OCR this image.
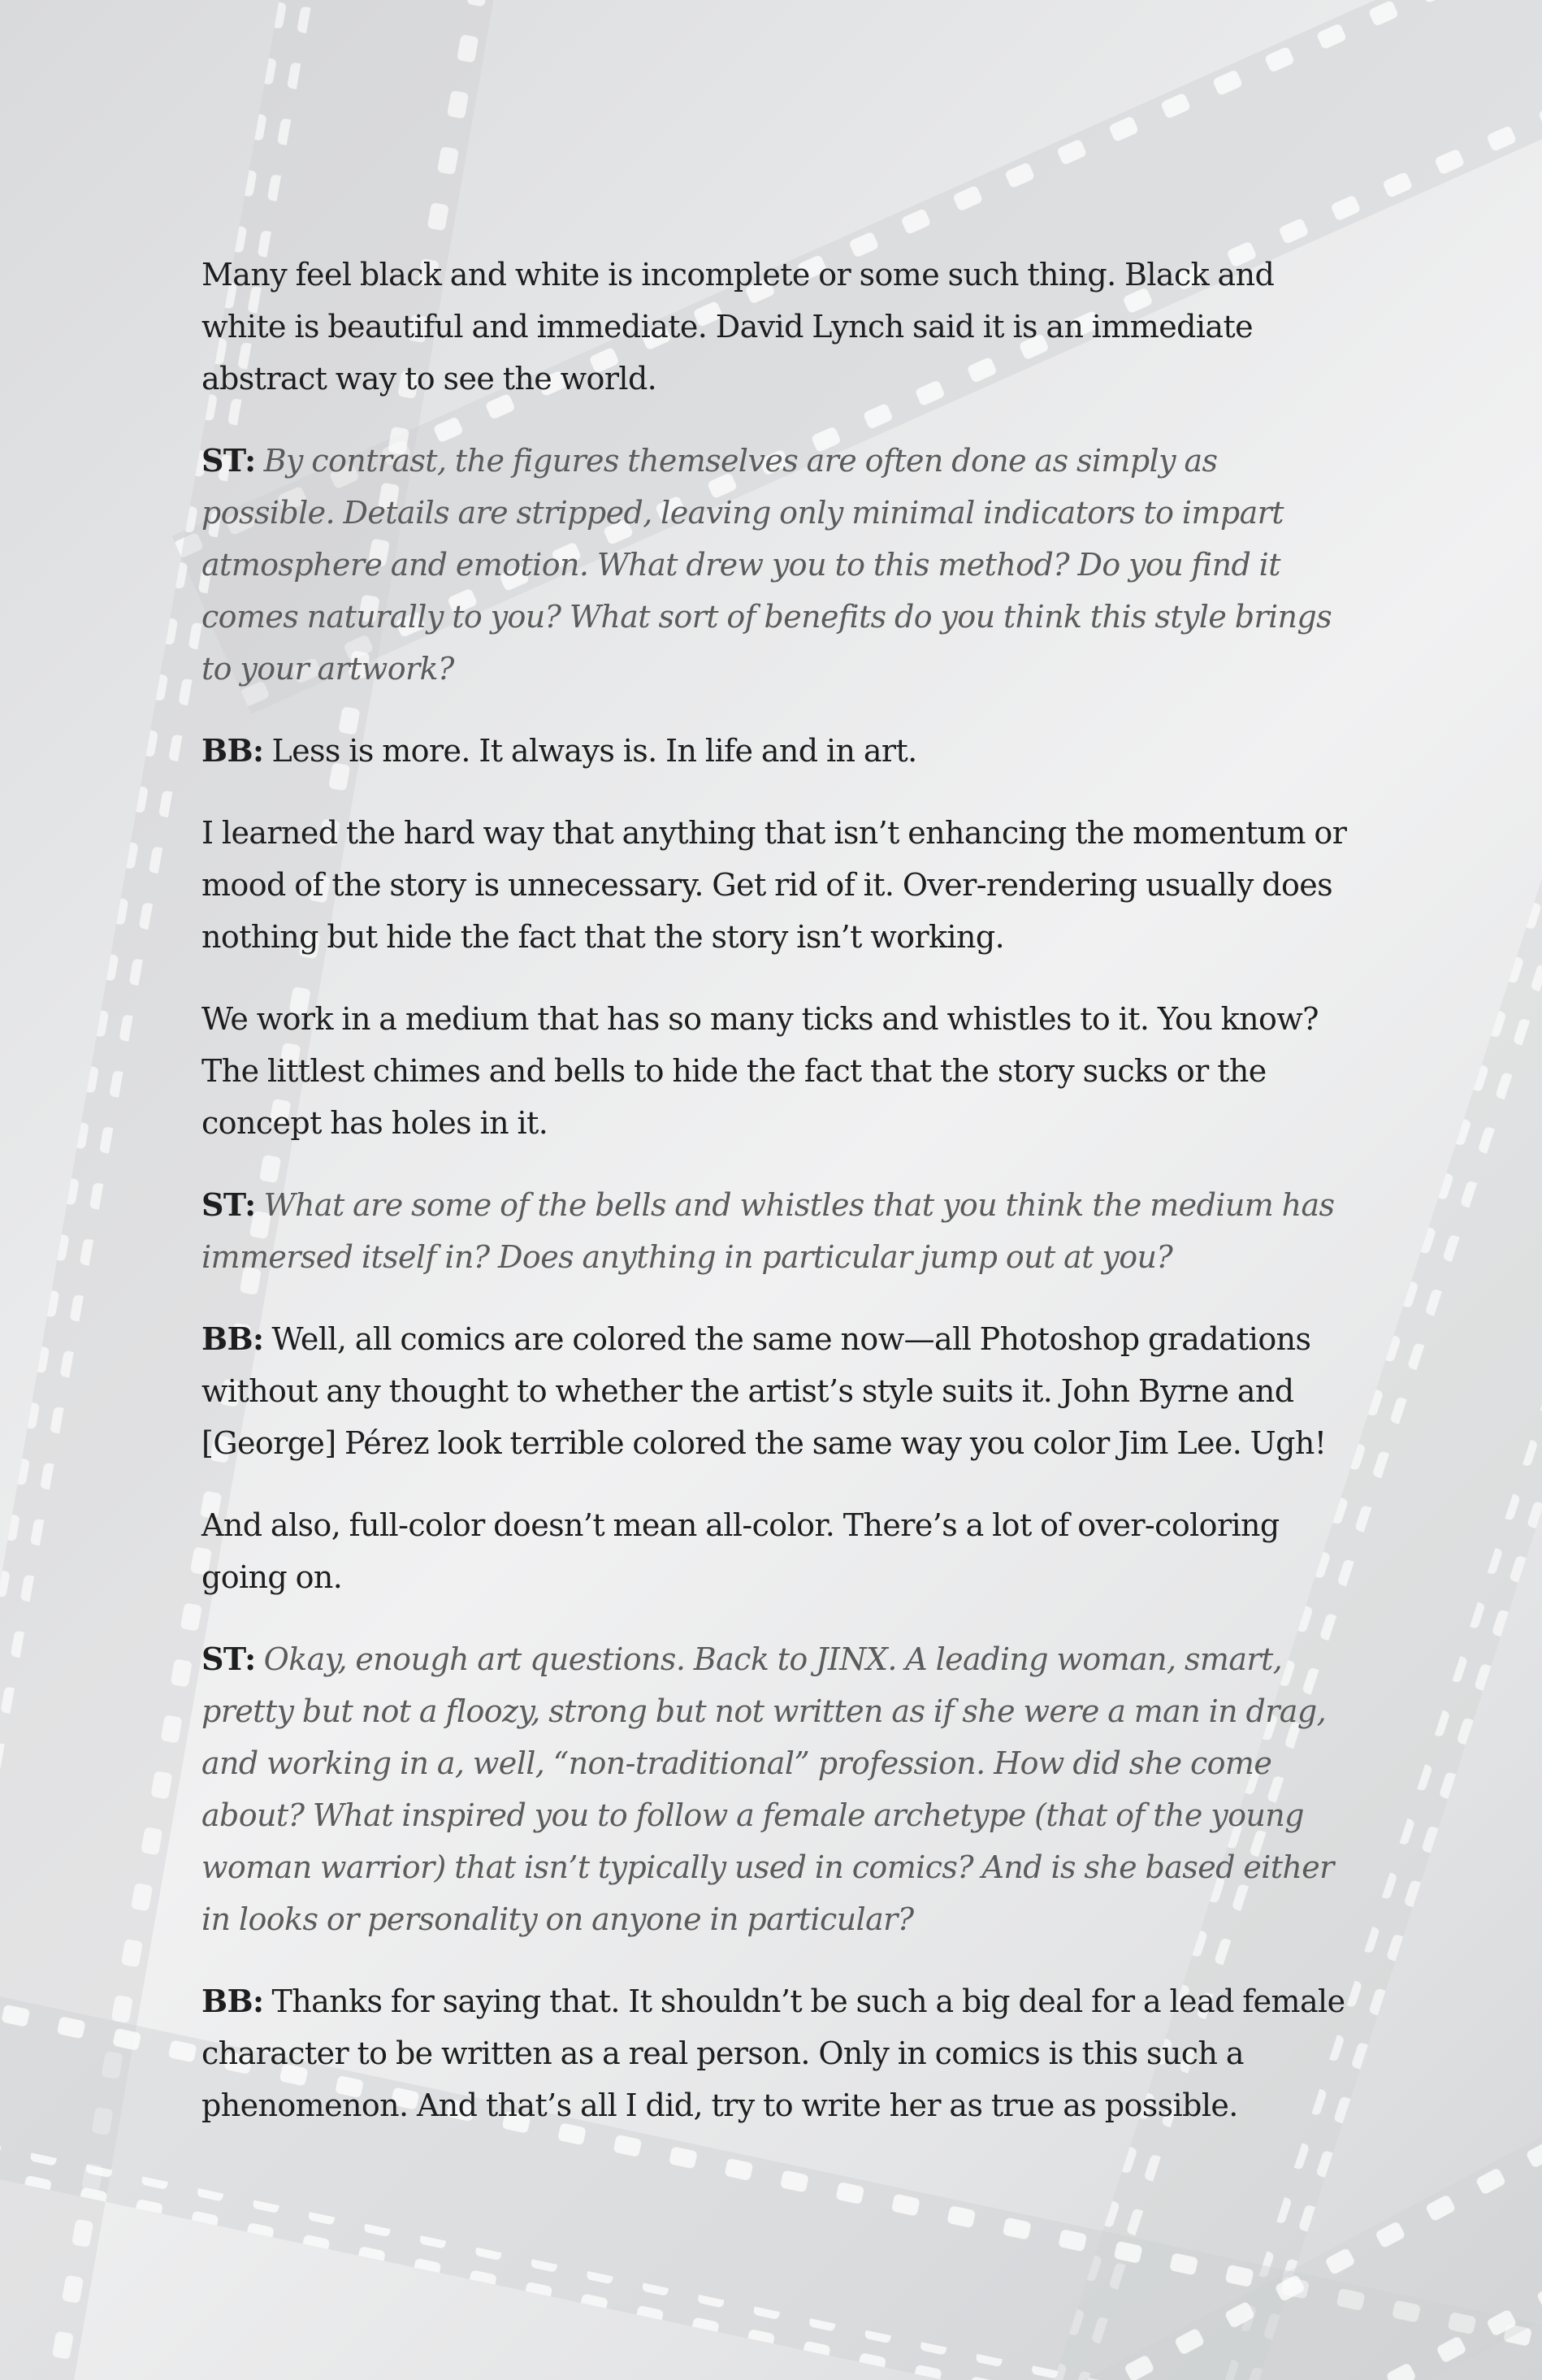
Many feel black and white is incomplete or some such thing. Black and white is beautiful and immediate. David Lynch said it is an immediate abstract way to see the world.

ST: By contrast, the figures themselves are often done as simply as possible. Details are stripped, leaving only minimal indicators to impart atmosphere and emotion. What drew you to this method? Do you find it comes naturally to you? What sort of benefits do you think this style brings to your artwork?

BB: Less is more. It always is. In life and in art.

I learned the hard way that anything that isn’t enhancing the momentum or mood of the story is unnecessary. Get rid of it. Over-rendering usually does nothing but hide the fact that the story isn’t working.

We work in a medium that has so many ticks and whistles to it. You know? The littlest chimes and bells to hide the fact that the story sucks or the concept has holes in it.

ST: What are some of the bells and whistles that you think the medium has immersed itself in? Does anything in particular jump out at you?

BB: Well, all comics are colored the same now—all Photoshop gradations without any thought to whether the artist’s style suits it. John Byrne and [George] Pérez look terrible colored the same way you color Jim Lee. Ugh!

And also, full-color doesn’t mean all-color. There’s a lot of over-coloring going on.

ST: Okay, enough art questions. Back to JINX. A leading woman, smart, pretty but not a floozy, strong but not written as if she were a man in drag, and working in a, well, “non-traditional” profession. How did she come about? What inspired you to follow a female archetype (that of the young woman warrior) that isn’t typically used in comics? And is she based either in looks or personality on anyone in particular?

BB: Thanks for saying that. It shouldn’t be such a big deal for a lead female character to be written as a real person. Only in comics is this such a phenomenon. And that’s all I did, try to write her as true as possible.
